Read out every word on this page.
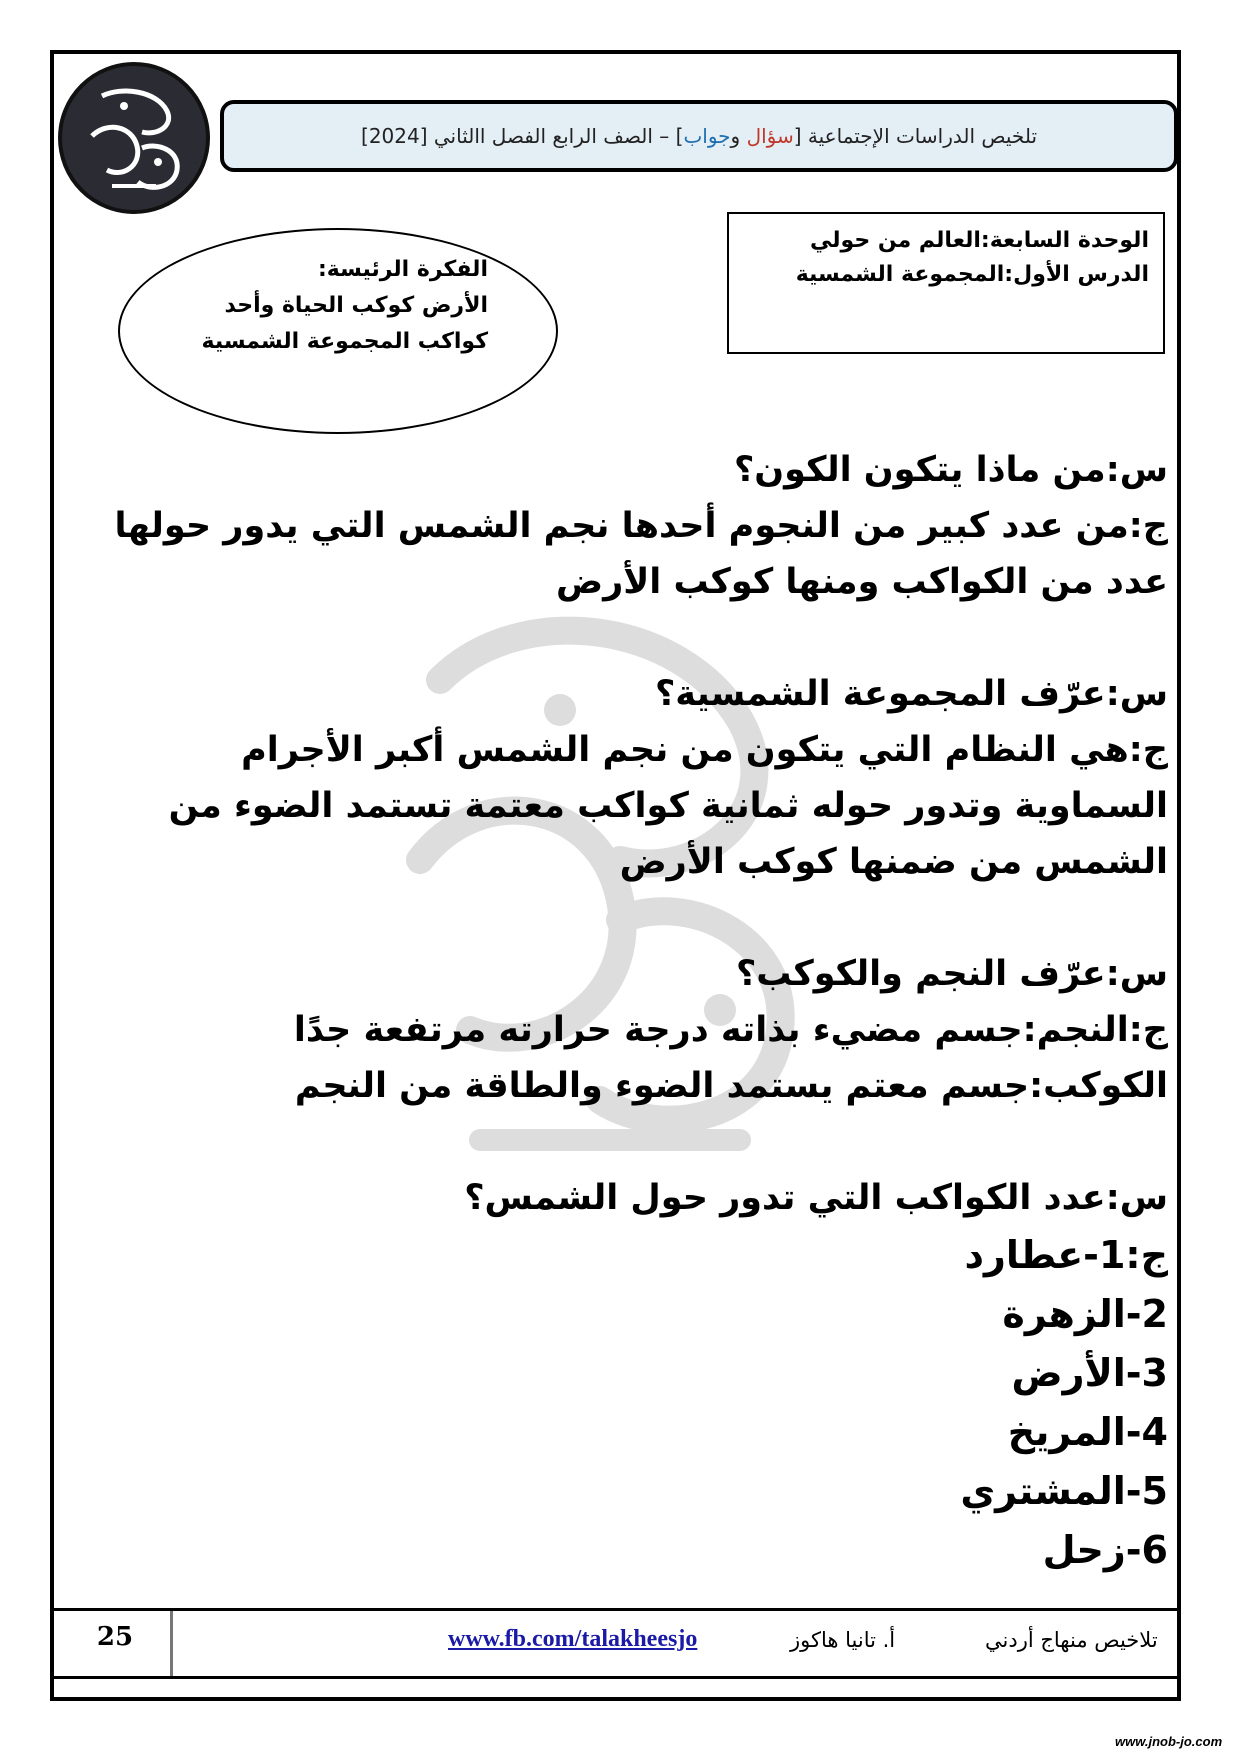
تلخيص الدراسات الإجتماعية [سؤال وجواب] – الصف الرابع الفصل االثاني [2024]
الوحدة السابعة:العالم من حولي
الدرس الأول:المجموعة الشمسية
الفكرة الرئيسة:
الأرض كوكب الحياة وأحد
كواكب المجموعة الشمسية

س:من ماذا يتكون الكون؟

ج:من عدد كبير من النجوم أحدها نجم الشمس التي يدور حولها عدد من الكواكب ومنها كوكب الأرض

س:عرّف المجموعة الشمسية؟

ج:هي النظام التي يتكون من نجم الشمس أكبر الأجرام السماوية وتدور حوله ثمانية كواكب معتمة تستمد الضوء من الشمس من ضمنها كوكب الأرض

س:عرّف النجم والكوكب؟

ج:النجم:جسم مضيء بذاته درجة حرارته مرتفعة جدًا

الكوكب:جسم معتم يستمد الضوء والطاقة من النجم

س:عدد الكواكب التي تدور حول الشمس؟

ج:1-عطارد

2-الزهرة

3-الأرض

4-المريخ

5-المشتري

6-زحل

25	www.fb.com/talakheesjo	أ. تانيا هاكوز	تلاخيص منهاج أردني
www.jnob-jo.com
